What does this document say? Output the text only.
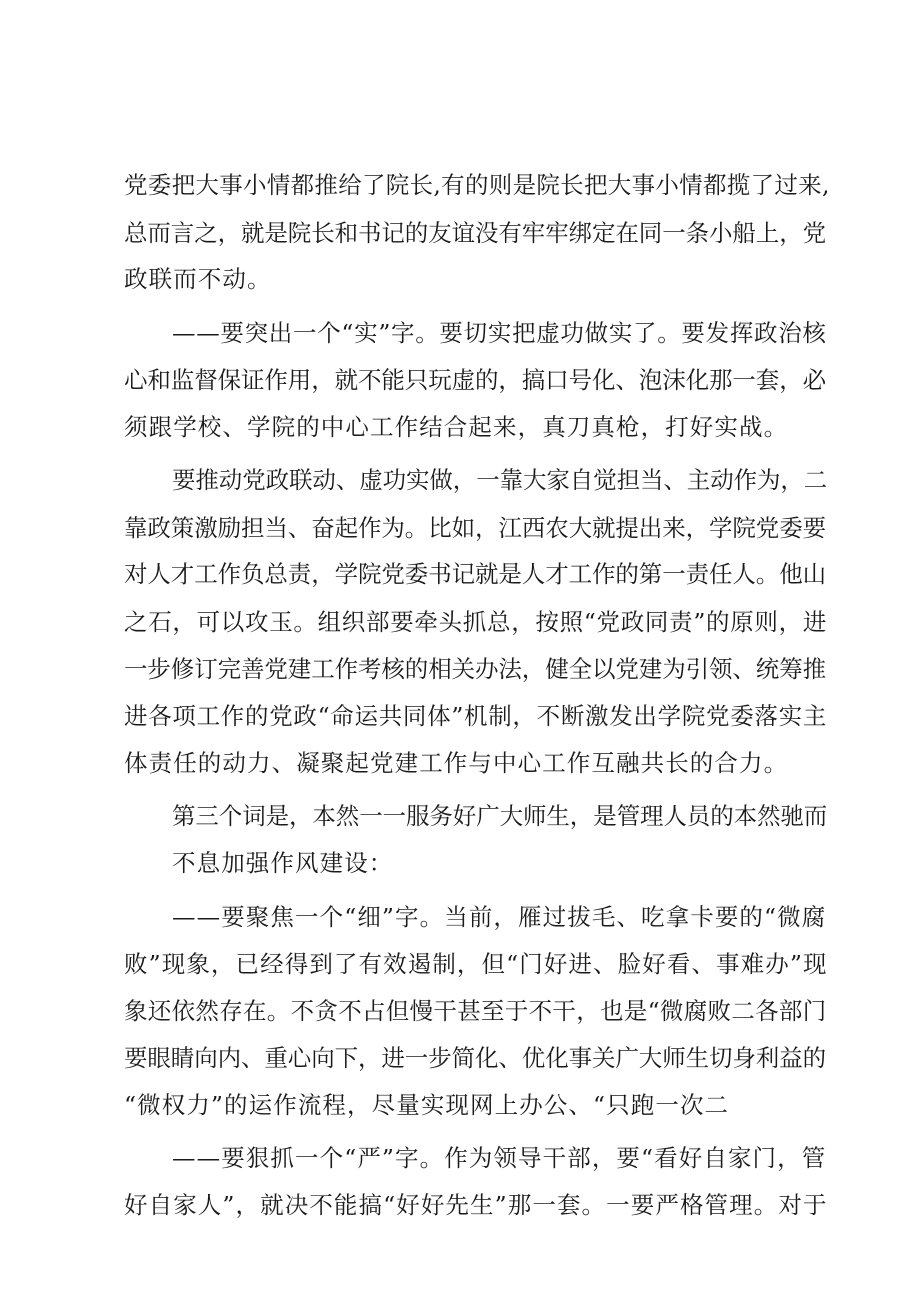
党委把大事小情都推给了院长,有的则是院长把大事小情都揽了过来,
总而言之，就是院长和书记的友谊没有牢牢绑定在同一条小船上，党
政联而不动。
——要突出一个“实”字。要切实把虚功做实了。要发挥政治核
心和监督保证作用，就不能只玩虚的，搞口号化、泡沫化那一套，必
须跟学校、学院的中心工作结合起来，真刀真枪，打好实战。
要推动党政联动、虚功实做，一靠大家自觉担当、主动作为，二
靠政策激励担当、奋起作为。比如，江西农大就提出来，学院党委要
对人才工作负总责，学院党委书记就是人才工作的第一责任人。他山
之石，可以攻玉。组织部要牵头抓总，按照“党政同责”的原则，进
一步修订完善党建工作考核的相关办法，健全以党建为引领、统筹推
进各项工作的党政“命运共同体”机制，不断激发出学院党委落实主
体责任的动力、凝聚起党建工作与中心工作互融共长的合力。
第三个词是，本然一一服务好广大师生，是管理人员的本然驰而
不息加强作风建设：
——要聚焦一个“细”字。当前，雁过拔毛、吃拿卡要的“微腐
败”现象，已经得到了有效遏制，但“门好进、脸好看、事难办”现
象还依然存在。不贪不占但慢干甚至于不干，也是“微腐败二各部门
要眼睛向内、重心向下，进一步简化、优化事关广大师生切身利益的
“微权力”的运作流程，尽量实现网上办公、“只跑一次二
——要狠抓一个“严”字。作为领导干部，要“看好自家门，管
好自家人”，就决不能搞“好好先生”那一套。一要严格管理。对于
